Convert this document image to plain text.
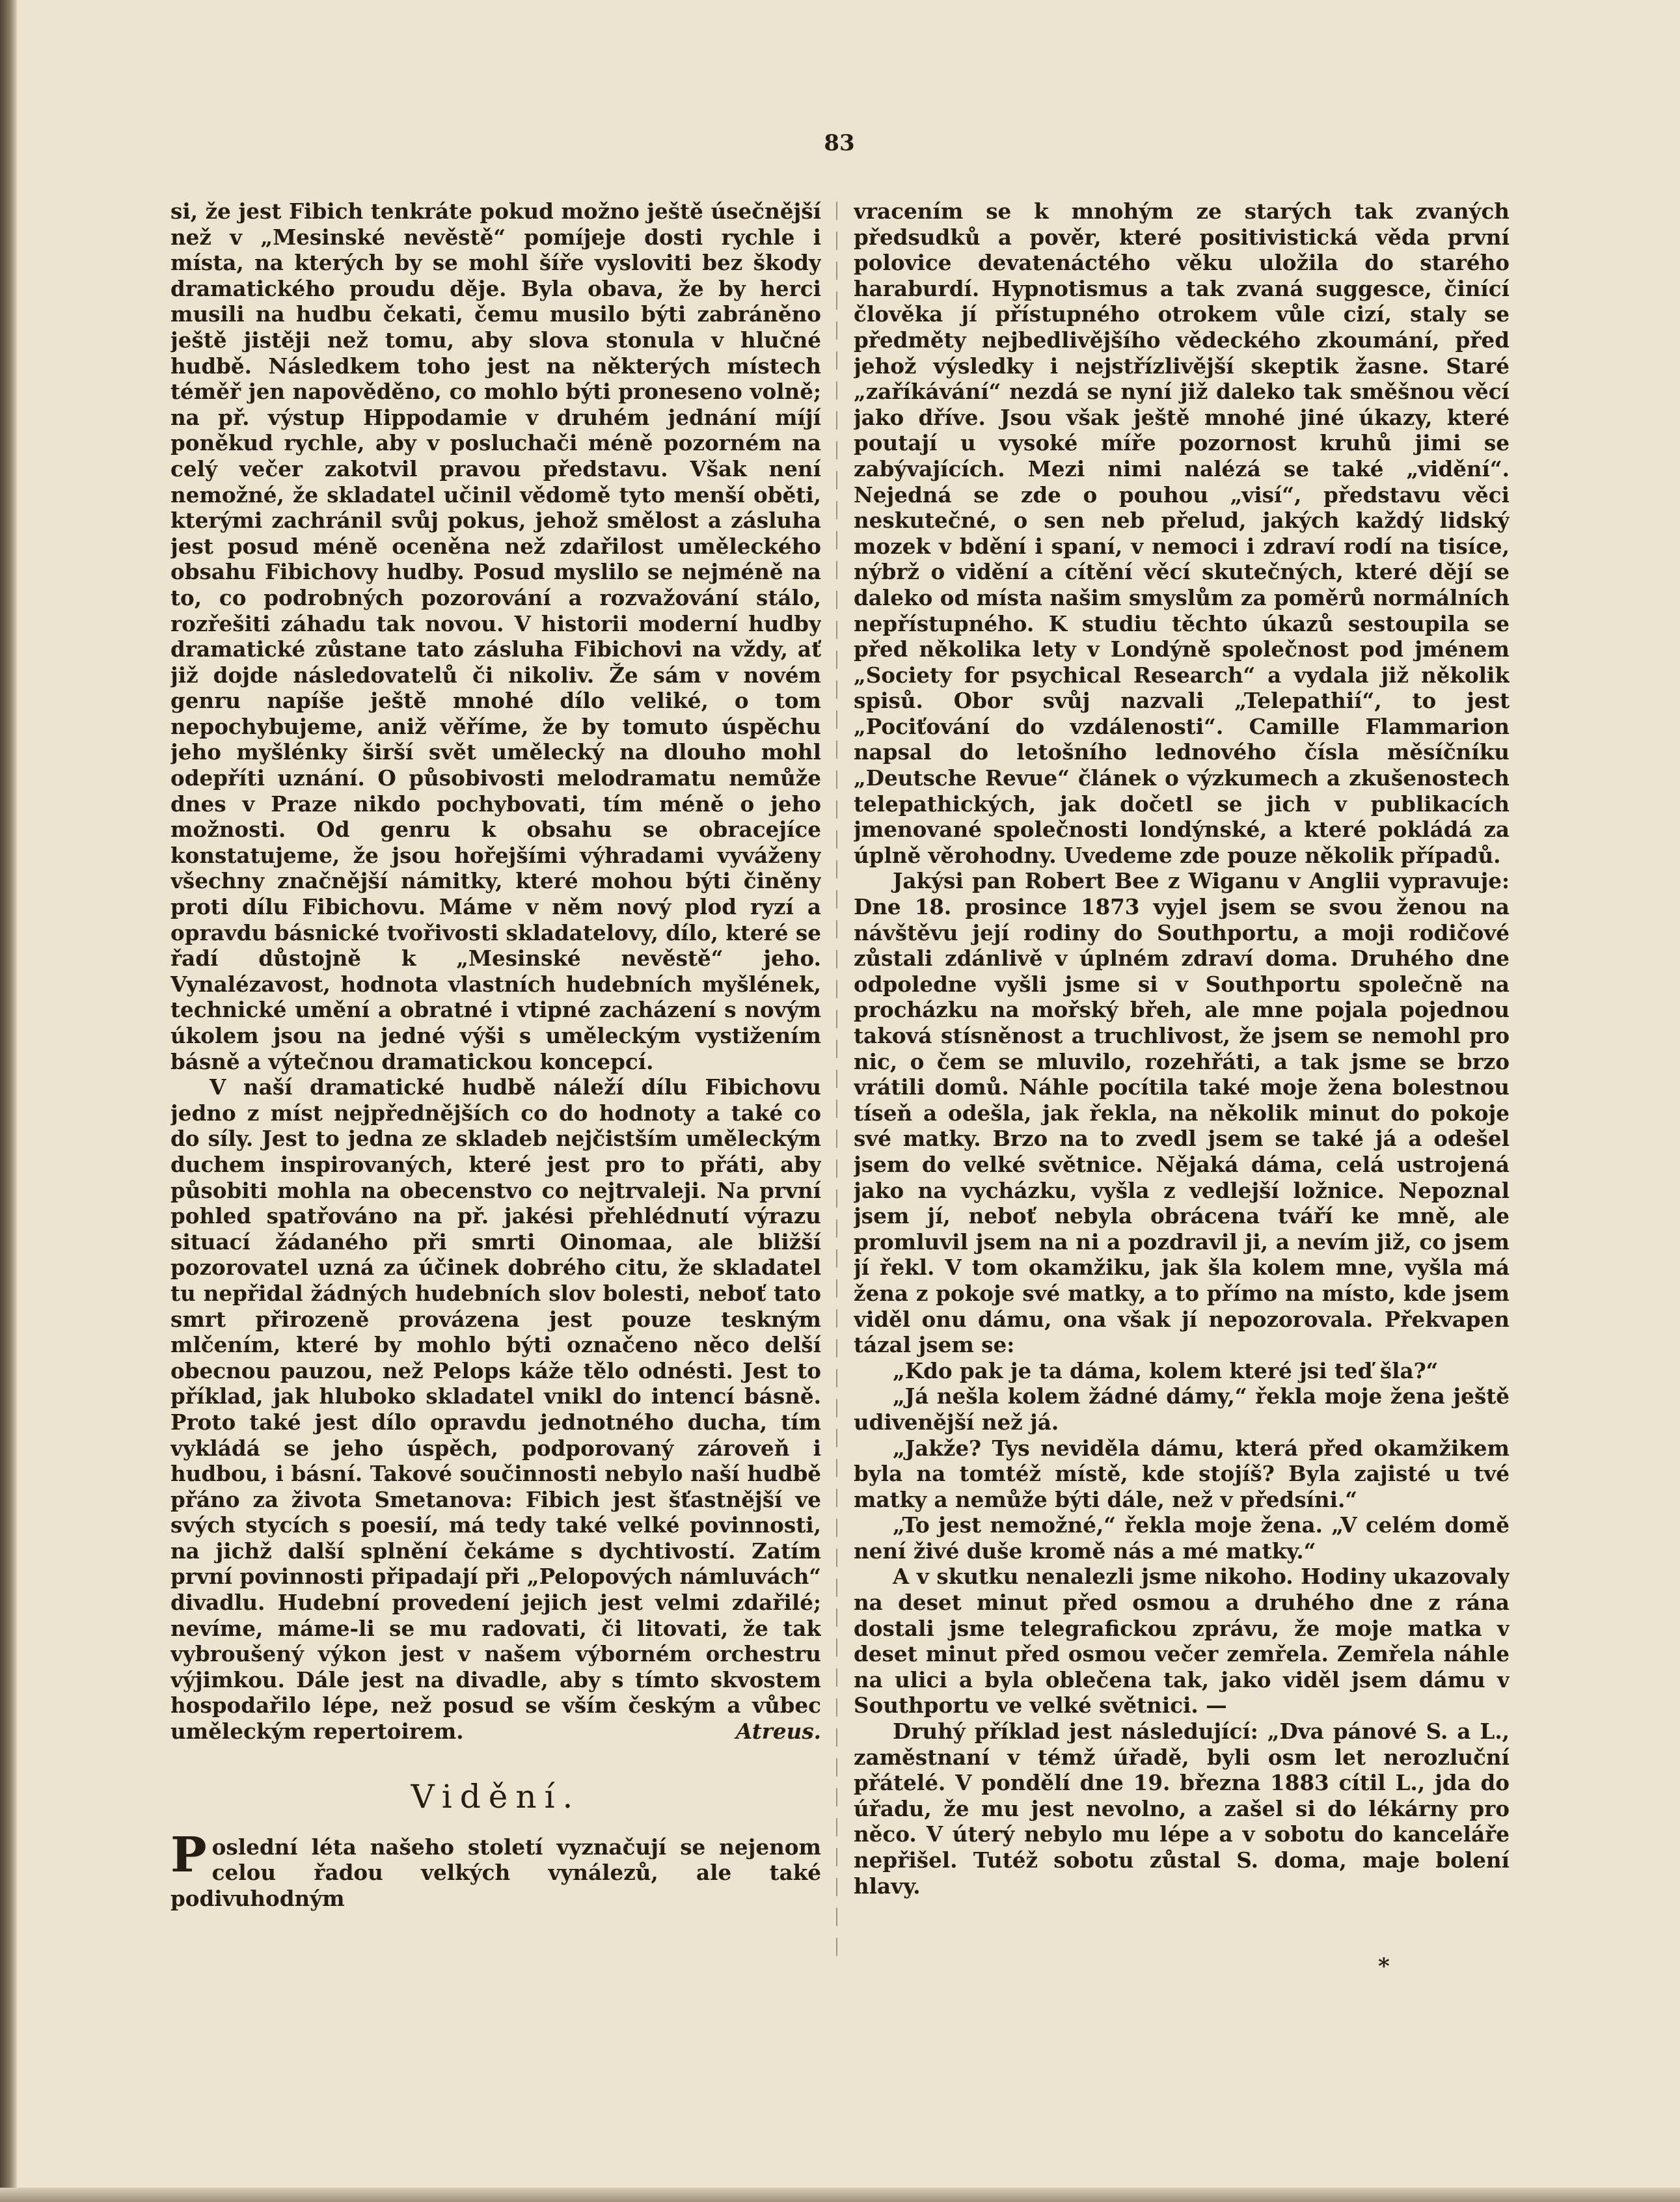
83

si, že jest Fibich tenkráte pokud možno ještě úsečnější než v „Mesinské nevěstě“ pomíjeje dosti rychle i místa, na kterých by se mohl šíře vysloviti bez škody dramatického proudu děje. Byla obava, že by herci musili na hudbu čekati, čemu musilo býti zabráněno ještě jistěji než tomu, aby slova stonula v hlučné hudbě. Následkem toho jest na některých místech téměř jen napověděno, co mohlo býti proneseno volně; na př. výstup Hippodamie v druhém jednání míjí poněkud rychle, aby v posluchači méně pozorném na celý večer zakotvil pravou představu. Však není nemožné, že skladatel učinil vědomě tyto menší oběti, kterými zachránil svůj pokus, jehož smělost a zásluha jest posud méně oceněna než zdařilost uměleckého obsahu Fibichovy hudby. Posud myslilo se nejméně na to, co podrobných pozorování a rozvažování stálo, rozřešiti záhadu tak novou. V historii moderní hudby dramatické zůstane tato zásluha Fibichovi na vždy, ať již dojde následovatelů či nikoliv. Že sám v novém genru napíše ještě mnohé dílo veliké, o tom nepochybujeme, aniž věříme, že by tomuto úspěchu jeho myšlénky širší svět umělecký na dlouho mohl odepříti uznání. O působivosti melodramatu nemůže dnes v Praze nikdo pochybovati, tím méně o jeho možnosti. Od genru k obsahu se obracejíce konstatujeme, že jsou hořejšími výhradami vyváženy všechny značnější námitky, které mohou býti činěny proti dílu Fibichovu. Máme v něm nový plod ryzí a opravdu básnické tvořivosti skladatelovy, dílo, které se řadí důstojně k „Mesinské nevěstě“ jeho. Vynalézavost, hodnota vlastních hudebních myšlének, technické umění a obratné i vtipné zacházení s novým úkolem jsou na jedné výši s uměleckým vystižením básně a výtečnou dramatickou koncepcí.

V naší dramatické hudbě náleží dílu Fibichovu jedno z míst nejpřednějších co do hodnoty a také co do síly. Jest to jedna ze skladeb nejčistším uměleckým duchem inspirovaných, které jest pro to přáti, aby působiti mohla na obecenstvo co nejtrvaleji. Na první pohled spatřováno na př. jakési přehlédnutí výrazu situací žádaného při smrti Oinomaa, ale bližší pozorovatel uzná za účinek dobrého citu, že skladatel tu nepřidal žádných hudebních slov bolesti, neboť tato smrt přirozeně provázena jest pouze teskným mlčením, které by mohlo býti označeno něco delší obecnou pauzou, než Pelops káže tělo odnésti. Jest to příklad, jak hluboko skladatel vnikl do intencí básně. Proto také jest dílo opravdu jednotného ducha, tím vykládá se jeho úspěch, podporovaný zároveň i hudbou, i básní. Takové součinnosti nebylo naší hudbě přáno za života Smetanova: Fibich jest šťastnější ve svých stycích s poesií, má tedy také velké povinnosti, na jichž další splnění čekáme s dychtivostí. Zatím první povinnosti připadají při „Pelopových námluvách“ divadlu. Hudební provedení jejich jest velmi zdařilé; nevíme, máme-li se mu radovati, či litovati, že tak vybroušený výkon jest v našem výborném orchestru výjimkou. Dále jest na divadle, aby s tímto skvostem hospodařilo lépe, než posud se vším českým a vůbec uměleckým repertoirem.	Atreus.
Vidění.

Poslední léta našeho století vyznačují se nejenom celou řadou velkých vynálezů, ale také podivuhodným

vracením se k mnohým ze starých tak zvaných předsudků a pověr, které positivistická věda první polovice devatenáctého věku uložila do starého haraburdí. Hypnotismus a tak zvaná suggesce, činící člověka jí přístupného otrokem vůle cizí, staly se předměty nejbedlivějšího vědeckého zkoumání, před jehož výsledky i nejstřízlivější skeptik žasne. Staré „zaříkávání“ nezdá se nyní již daleko tak směšnou věcí jako dříve. Jsou však ještě mnohé jiné úkazy, které poutají u vysoké míře pozornost kruhů jimi se zabývajících. Mezi nimi nalézá se také „vidění“. Nejedná se zde o pouhou „visí“, představu věci neskutečné, o sen neb přelud, jakých každý lidský mozek v bdění i spaní, v nemoci i zdraví rodí na tisíce, nýbrž o vidění a cítění věcí skutečných, které dějí se daleko od místa našim smyslům za poměrů normálních nepřístupného. K studiu těchto úkazů sestoupila se před několika lety v Londýně společnost pod jménem „Society for psychical Research“ a vydala již několik spisů. Obor svůj nazvali „Telepathií“, to jest „Pociťování do vzdálenosti“. Camille Flammarion napsal do letošního lednového čísla měsíčníku „Deutsche Revue“ článek o výzkumech a zkušenostech telepathických, jak dočetl se jich v publikacích jmenované společnosti londýnské, a které pokládá za úplně věrohodny. Uvedeme zde pouze několik případů.

Jakýsi pan Robert Bee z Wiganu v Anglii vypravuje: Dne 18. prosince 1873 vyjel jsem se svou ženou na návštěvu její rodiny do Southportu, a moji rodičové zůstali zdánlivě v úplném zdraví doma. Druhého dne odpoledne vyšli jsme si v Southportu společně na procházku na mořský břeh, ale mne pojala pojednou taková stísněnost a truchlivost, že jsem se nemohl pro nic, o čem se mluvilo, rozehřáti, a tak jsme se brzo vrátili domů. Náhle pocítila také moje žena bolestnou tíseň a odešla, jak řekla, na několik minut do pokoje své matky. Brzo na to zvedl jsem se také já a odešel jsem do velké světnice. Nějaká dáma, celá ustrojená jako na vycházku, vyšla z vedlejší ložnice. Nepoznal jsem jí, neboť nebyla obrácena tváří ke mně, ale promluvil jsem na ni a pozdravil ji, a nevím již, co jsem jí řekl. V tom okamžiku, jak šla kolem mne, vyšla má žena z pokoje své matky, a to přímo na místo, kde jsem viděl onu dámu, ona však jí nepozorovala. Překvapen tázal jsem se:

„Kdo pak je ta dáma, kolem které jsi teď šla?“

„Já nešla kolem žádné dámy,“ řekla moje žena ještě udivenější než já.

„Jakže? Tys neviděla dámu, která před okamžikem byla na tomtéž místě, kde stojíš? Byla zajisté u tvé matky a nemůže býti dále, než v předsíni.“

„To jest nemožné,“ řekla moje žena. „V celém domě není živé duše kromě nás a mé matky.“

A v skutku nenalezli jsme nikoho. Hodiny ukazovaly na deset minut před osmou a druhého dne z rána dostali jsme telegrafickou zprávu, že moje matka v deset minut před osmou večer zemřela. Zemřela náhle na ulici a byla oblečena tak, jako viděl jsem dámu v Southportu ve velké světnici. —

Druhý příklad jest následující: „Dva pánové S. a L., zaměstnaní v témž úřadě, byli osm let nerozluční přátelé. V pondělí dne 19. března 1883 cítil L., jda do úřadu, že mu jest nevolno, a zašel si do lékárny pro něco. V úterý nebylo mu lépe a v sobotu do kanceláře nepřišel. Tutéž sobotu zůstal S. doma, maje bolení hlavy.

*
